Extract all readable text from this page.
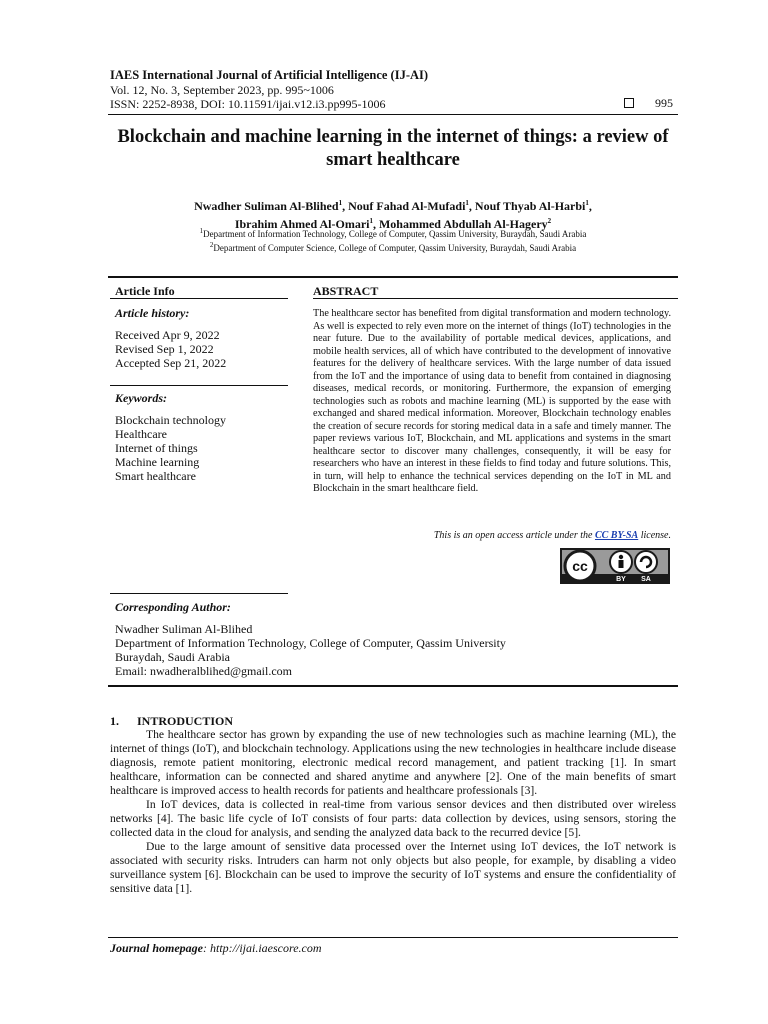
IAES International Journal of Artificial Intelligence (IJ-AI)
Vol. 12, No. 3, September 2023, pp. 995~1006
ISSN: 2252-8938, DOI: 10.11591/ijai.v12.i3.pp995-1006	995
Blockchain and machine learning in the internet of things: a review of smart healthcare
Nwadher Suliman Al-Blihed$^1$, Nouf Fahad Al-Mufadi$^1$, Nouf Thyab Al-Harbi$^1$,
Ibrahim Ahmed Al-Omari$^1$, Mohammed Abdullah Al-Hagery$^2$
$^1$Department of Information Technology, College of Computer, Qassim University, Buraydah, Saudi Arabia
$^2$Department of Computer Science, College of Computer, Qassim University, Buraydah, Saudi Arabia
Article Info
Article history:
Received Apr 9, 2022
Revised Sep 1, 2022
Accepted Sep 21, 2022
Keywords:
Blockchain technology
Healthcare
Internet of things
Machine learning
Smart healthcare
ABSTRACT
The healthcare sector has benefited from digital transformation and modern technology. As well is expected to rely even more on the internet of things (IoT) technologies in the near future. Due to the availability of portable medical devices, applications, and mobile health services, all of which have contributed to the development of innovative features for the delivery of healthcare services. With the large number of data issued from the IoT and the importance of using data to benefit from contained in diagnosing diseases, medical records, or monitoring. Furthermore, the expansion of emerging technologies such as robots and machine learning (ML) is supported by the ease with exchanged and shared medical information. Moreover, Blockchain technology enables the creation of secure records for storing medical data in a safe and timely manner. The paper reviews various IoT, Blockchain, and ML applications and systems in the smart healthcare sector to discover many challenges, consequently, it will be easy for researchers who have an interest in these fields to find today and future solutions. This, in turn, will help to enhance the technical services depending on the IoT in ML and Blockchain in the smart healthcare field.
This is an open access article under the CC BY-SA license.
cc
BY SA
Corresponding Author:
Nwadher Suliman Al-Blihed
Department of Information Technology, College of Computer, Qassim University
Buraydah, Saudi Arabia
Email: nwadheralblihed@gmail.com
1. INTRODUCTION

The healthcare sector has grown by expanding the use of new technologies such as machine learning (ML), the internet of things (IoT), and blockchain technology. Applications using the new technologies in healthcare include disease diagnosis, remote patient monitoring, electronic medical record management, and patient tracking [1]. In smart healthcare, information can be connected and shared anytime and anywhere [2]. One of the main benefits of smart healthcare is improved access to health records for patients and healthcare professionals [3].

In IoT devices, data is collected in real-time from various sensor devices and then distributed over wireless networks [4]. The basic life cycle of IoT consists of four parts: data collection by devices, using sensors, storing the collected data in the cloud for analysis, and sending the analyzed data back to the recurred device [5].

Due to the large amount of sensitive data processed over the Internet using IoT devices, the IoT network is associated with security risks. Intruders can harm not only objects but also people, for example, by disabling a video surveillance system [6]. Blockchain can be used to improve the security of IoT systems and ensure the confidentiality of sensitive data [1].

Journal homepage: http://ijai.iaescore.com
